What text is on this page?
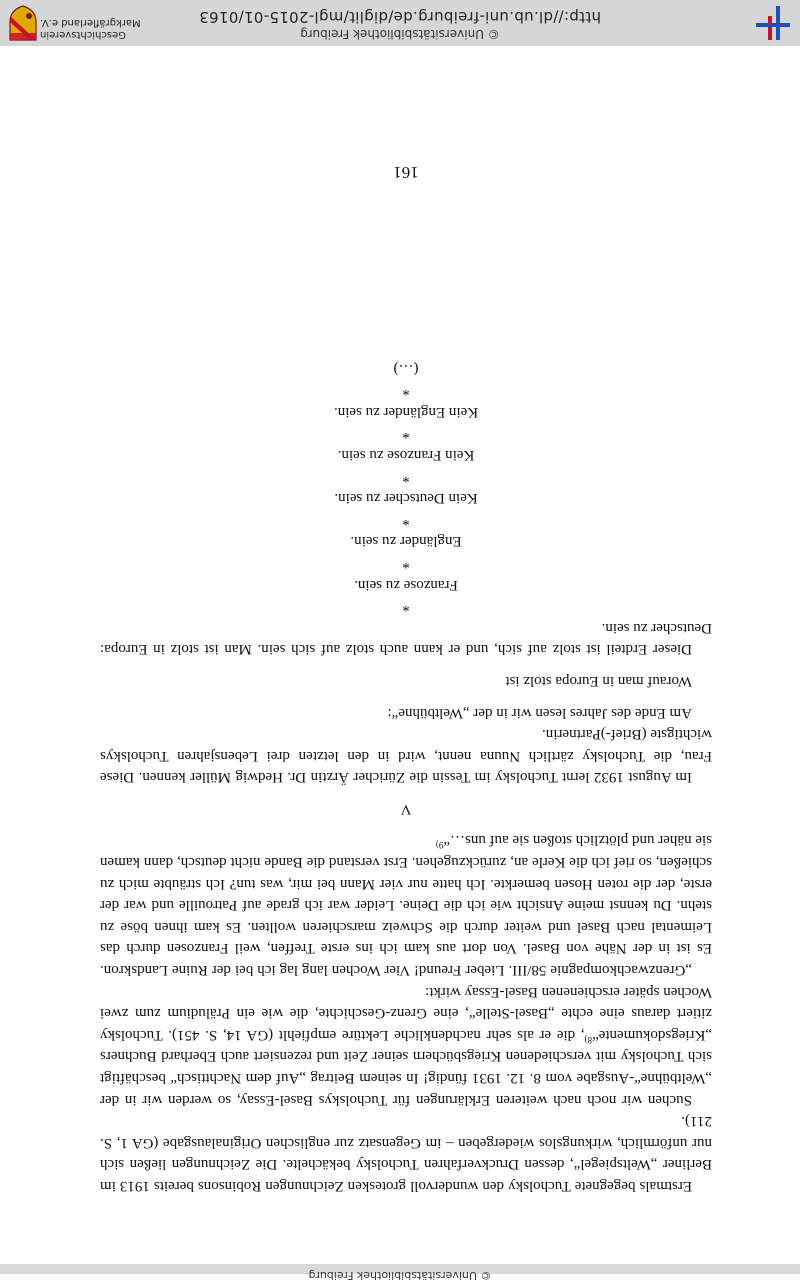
© Universitätsbibliothek Freiburg

Erstmals begegnete Tucholsky den wundervoll grotesken Zeichnungen Robinsons bereits 1913 im Berliner „Weltspiegel“, dessen Druckverfahren Tucholsky bekächelte. Die Zeichnungen ließen sich nur unförmlich, wirkungslos wiedergeben – im Gegensatz zur englischen Originalausgabe (GA 1, S. 211).

Suchen wir noch nach weiteren Erklärungen für Tucholskys Basel-Essay, so werden wir in der „Weltbühne“-Ausgabe vom 8. 12. 1931 fündig! In seinem Beitrag „Auf dem Nachttisch“ beschäftigt sich Tucholsky mit verschiedenen Kriegsbüchern seiner Zeit und rezensiert auch Eberhard Buchners „Kriegsdokumente“$^{8)}$, die er als sehr nachdenkliche Lektüre empfiehlt (GA 14, S. 451). Tucholsky zitiert daraus eine echte „Basel-Stelle“, eine Grenz-Geschichte, die wie ein Präludium zum zwei Wochen später erschienenen Basel-Essay wirkt:

„Grenzwachkompagnie 58/III. Lieber Freund! Vier Wochen lang lag ich bei der Ruine Landskron. Es ist in der Nähe von Basel. Von dort aus kam ich ins erste Treffen, weil Franzosen durch das Leimental nach Basel und weiter durch die Schweiz marschieren wollten. Es kam ihnen böse zu stehn. Du kennst meine Ansicht wie ich die Deine. Leider war ich grade auf Patrouille und war der erste, der die roten Hosen bemerkte. Ich hatte nur vier Mann bei mir, was tun? Ich sträubte mich zu schießen, so rief ich die Kerle an, zurückzugehen. Erst verstand die Bande nicht deutsch, dann kamen sie näher und plötzlich stoßen sie auf uns…“$^{9)}$

V

Im August 1932 lernt Tucholsky im Tessin die Züricher Ärztin Dr. Hedwig Müller kennen. Diese Frau, die Tucholsky zärtlich Nuuna nennt, wird in den letzten drei Lebensjahren Tucholskys wichtigste (Brief-)Partnerin.

Am Ende des Jahres lesen wir in der „Weltbühne“:

Worauf man in Europa stolz ist

Dieser Erdteil ist stolz auf sich, und er kann auch stolz auf sich sein. Man ist stolz in Europa: Deutscher zu sein.

*

Franzose zu sein.

*

Engländer zu sein.

*

Kein Deutscher zu sein.

*

Kein Franzose zu sein.

*

Kein Engländer zu sein.

*

(…)

161
© Universitätsbibliothek Freiburg
http://dl.ub.uni-freiburg.de/diglit/mgl-2015-01/0163
Geschichtsverein
Markgräflerland e.V.
